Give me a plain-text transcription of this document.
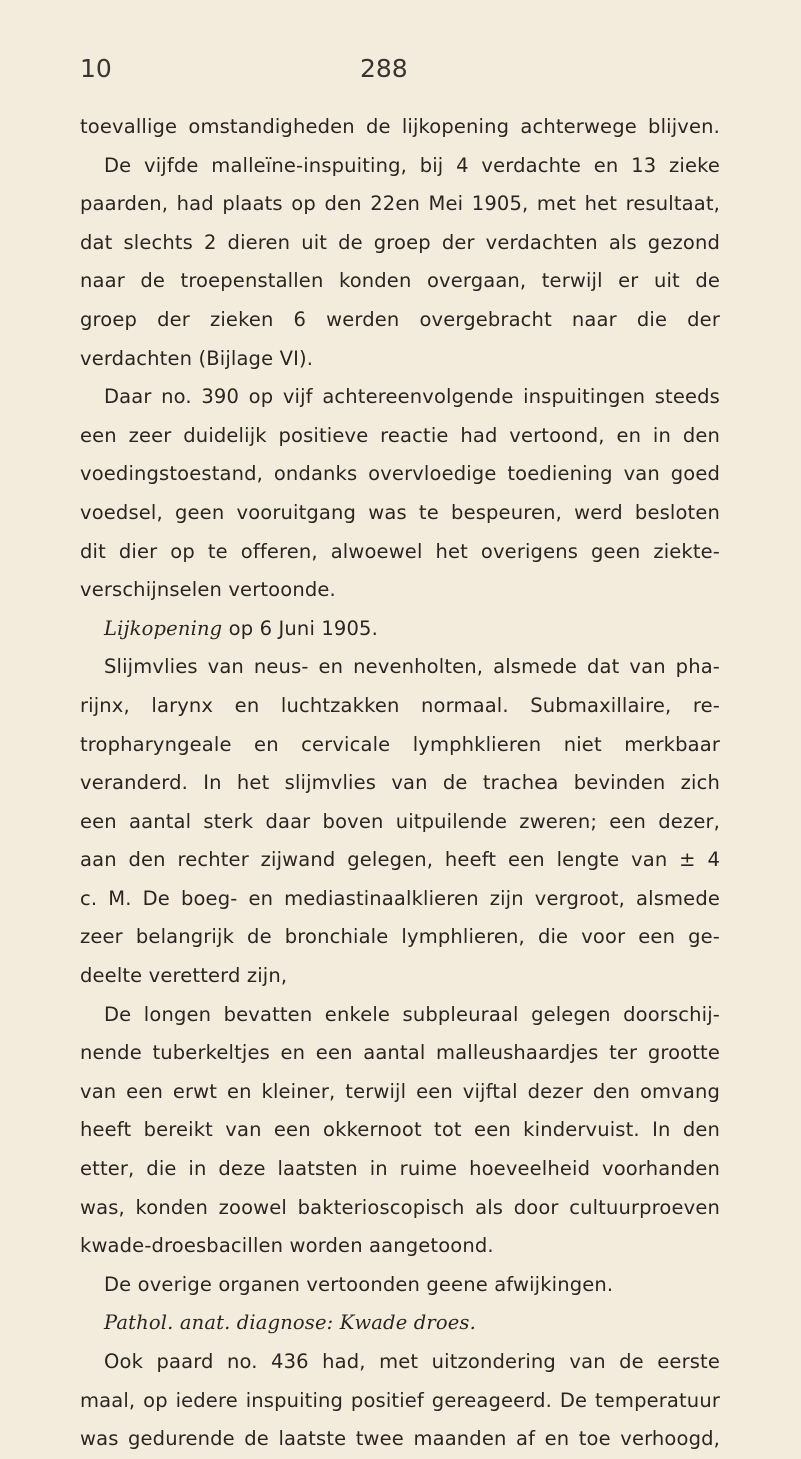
10	288
toevallige omstandigheden de lijkopening achterwege blijven.
De vijfde malleïne-inspuiting, bij 4 verdachte en 13 zieke
paarden, had plaats op den 22en Mei 1905, met het resultaat,
dat slechts 2 dieren uit de groep der verdachten als gezond
naar de troepenstallen konden overgaan, terwijl er uit de
groep der zieken 6 werden overgebracht naar die der
verdachten (Bijlage VI).
Daar no. 390 op vijf achtereenvolgende inspuitingen steeds
een zeer duidelijk positieve reactie had vertoond, en in den
voedingstoestand, ondanks overvloedige toediening van goed
voedsel, geen vooruitgang was te bespeuren, werd besloten
dit dier op te offeren, alwoewel het overigens geen ziekte-
verschijnselen vertoonde.
Lijkopening op 6 Juni 1905.
Slijmvlies van neus- en nevenholten, alsmede dat van pha-
rijnx, larynx en luchtzakken normaal. Submaxillaire, re-
tropharyngeale en cervicale lymphklieren niet merkbaar
veranderd. In het slijmvlies van de trachea bevinden zich
een aantal sterk daar boven uitpuilende zweren; een dezer,
aan den rechter zijwand gelegen, heeft een lengte van ± 4
c. M. De boeg- en mediastinaalklieren zijn vergroot, alsmede
zeer belangrijk de bronchiale lymphlieren, die voor een ge-
deelte veretterd zijn,
De longen bevatten enkele subpleuraal gelegen doorschij-
nende tuberkeltjes en een aantal malleushaardjes ter grootte
van een erwt en kleiner, terwijl een vijftal dezer den omvang
heeft bereikt van een okkernoot tot een kindervuist. In den
etter, die in deze laatsten in ruime hoeveelheid voorhanden
was, konden zoowel bakterioscopisch als door cultuurproeven
kwade-droesbacillen worden aangetoond.
De overige organen vertoonden geene afwijkingen.
Pathol. anat. diagnose: Kwade droes.
Ook paard no. 436 had, met uitzondering van de eerste
maal, op iedere inspuiting positief gereageerd. De temperatuur
was gedurende de laatste twee maanden af en toe verhoogd,
